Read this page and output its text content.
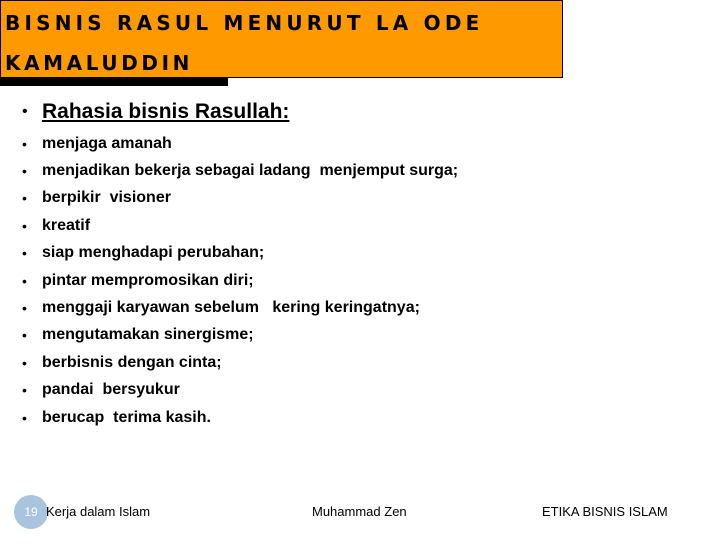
BISNIS RASUL MENURUT LA ODE
KAMALUDDIN
• Rahasia bisnis Rasullah:
• menjaga amanah
• menjadikan bekerja sebagai ladang  menjemput surga;
• berpikir  visioner
• kreatif
• siap menghadapi perubahan;
• pintar mempromosikan diri;
• menggaji karyawan sebelum   kering keringatnya;
• mengutamakan sinergisme;
• berbisnis dengan cinta;
• pandai  bersyukur
• berucap  terima kasih.
19 Kerja dalam Islam	Muhammad Zen	ETIKA BISNIS ISLAM
